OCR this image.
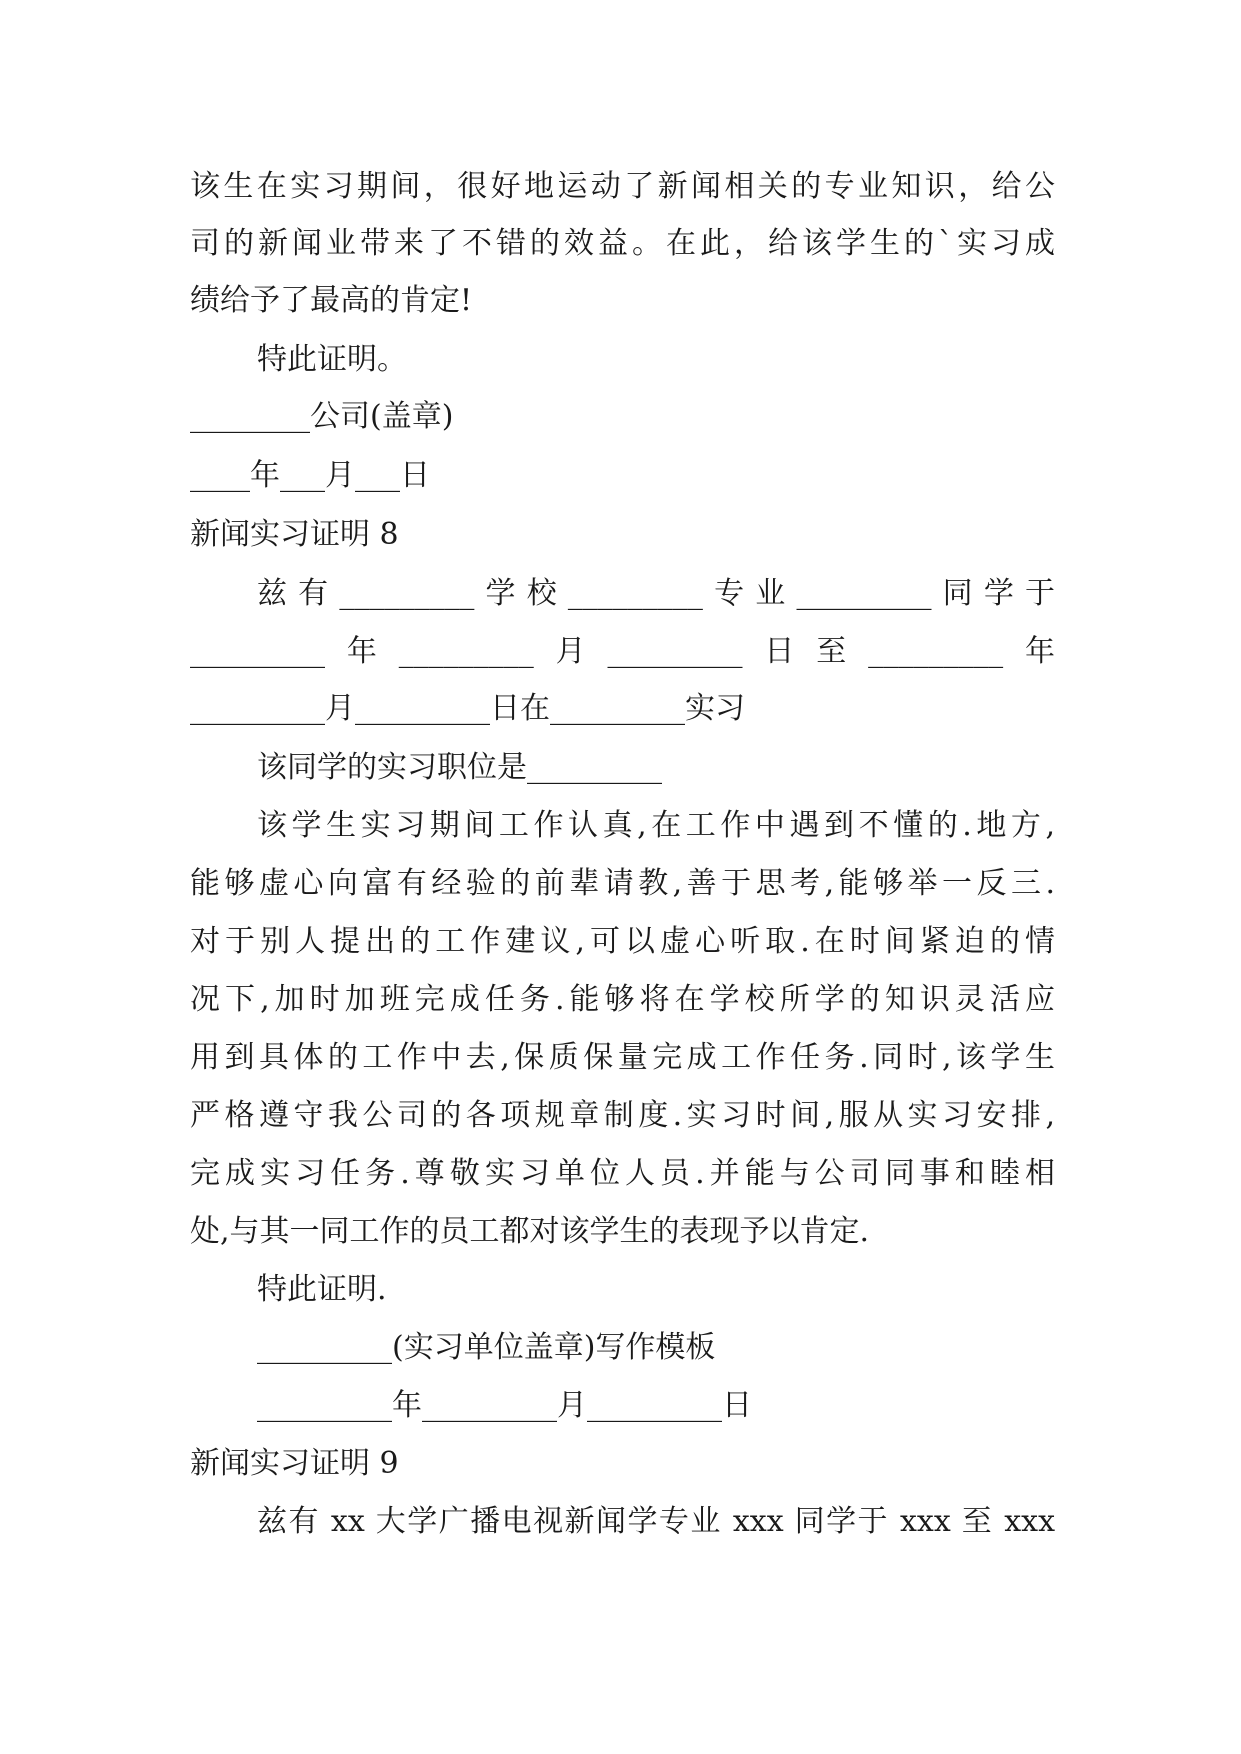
该生在实习期间，很好地运动了新闻相关的专业知识，给公
司的新闻业带来了不错的效益。在此，给该学生的`实习成
绩给予了最高的肯定!
特此证明。
________公司(盖章)
____年___月___日
新闻实习证明 8
兹有_________学校_________专业_________同学于
_________年_________月_________日至_________年
_________月_________日在_________实习
该同学的实习职位是_________
该学生实习期间工作认真,在工作中遇到不懂的.地方,
能够虚心向富有经验的前辈请教,善于思考,能够举一反三.
对于别人提出的工作建议,可以虚心听取.在时间紧迫的情
况下,加时加班完成任务.能够将在学校所学的知识灵活应
用到具体的工作中去,保质保量完成工作任务.同时,该学生
严格遵守我公司的各项规章制度.实习时间,服从实习安排,
完成实习任务.尊敬实习单位人员.并能与公司同事和睦相
处,与其一同工作的员工都对该学生的表现予以肯定.
特此证明.
_________(实习单位盖章)写作模板
_________年_________月_________日
新闻实习证明 9
兹有 xx 大学广播电视新闻学专业 xxx 同学于 xxx 至 xxx
